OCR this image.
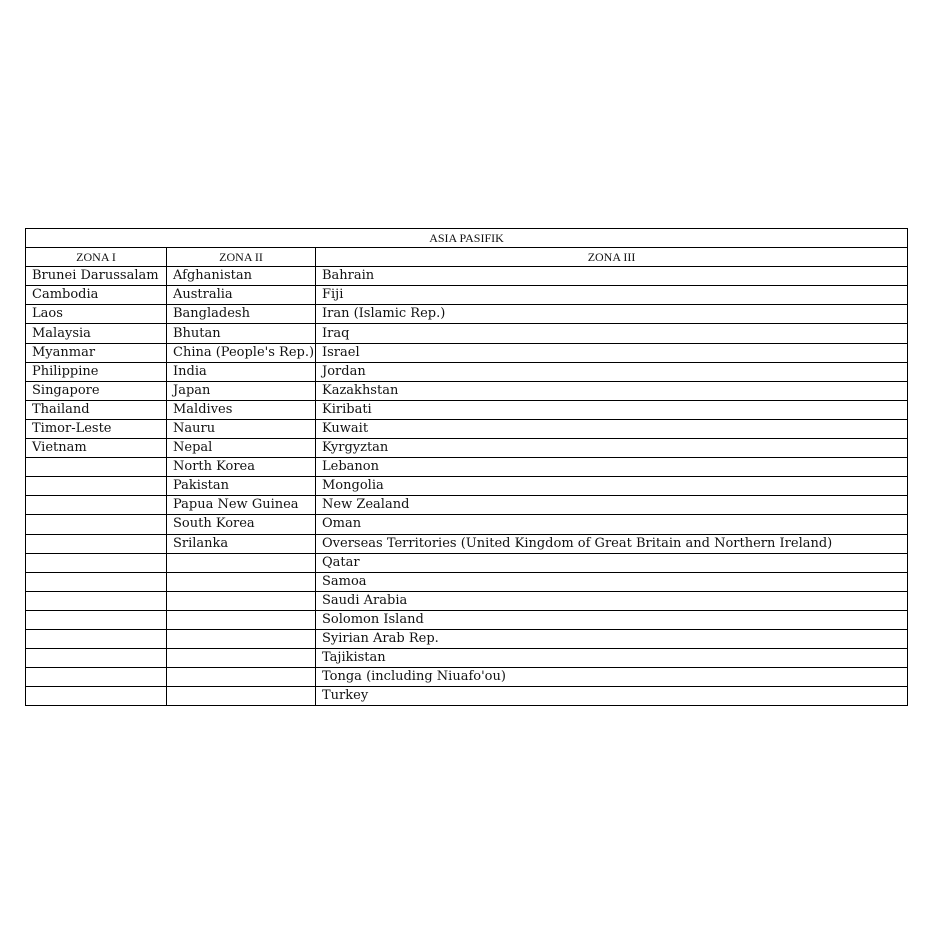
ASIA PASIFIK		
ZONA I	ZONA II	ZONA III
Brunei Darussalam	Afghanistan	Bahrain
Cambodia	Australia	Fiji
Laos	Bangladesh	Iran (Islamic Rep.)
Malaysia	Bhutan	Iraq
Myanmar	China (People's Rep.)	Israel
Philippine	India	Jordan
Singapore	Japan	Kazakhstan
Thailand	Maldives	Kiribati
Timor-Leste	Nauru	Kuwait
Vietnam	Nepal	Kyrgyztan
	North Korea	Lebanon
	Pakistan	Mongolia
	Papua New Guinea	New Zealand
	South Korea	Oman
	Srilanka	Overseas Territories (United Kingdom of Great Britain and Northern Ireland)
		Qatar
		Samoa
		Saudi Arabia
		Solomon Island
		Syirian Arab Rep.
		Tajikistan
		Tonga (including Niuafo'ou)
		Turkey
